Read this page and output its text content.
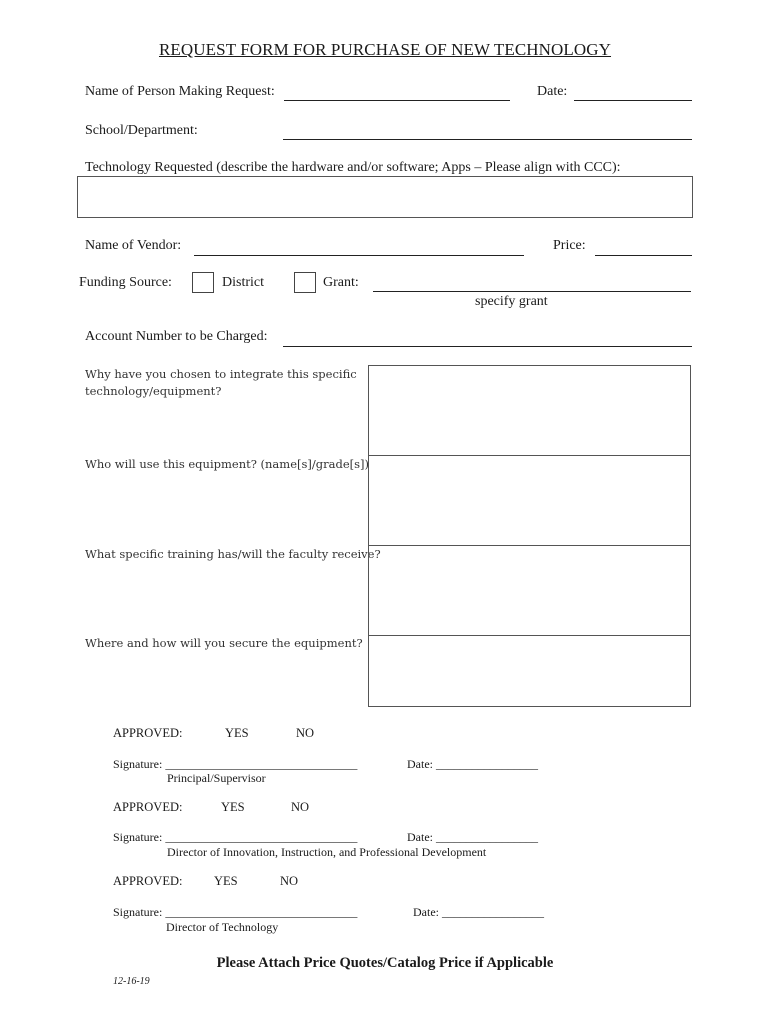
REQUEST FORM FOR PURCHASE OF NEW TECHNOLOGY
Name of Person Making Request:	Date:
School/Department:
Technology Requested (describe the hardware and/or software; Apps – Please align with CCC):
Name of Vendor:	Price:
Funding Source:	District	Grant:
specify grant
Account Number to be Charged:
Why have you chosen to integrate this specific technology/equipment?
Who will use this equipment? (name[s]/grade[s])
What specific training has/will the faculty receive?
Where and how will you secure the equipment?
APPROVED:	YES	NO
Signature: ________________________________	Date: _________________
Principal/Supervisor
APPROVED:	YES	NO
Signature: ________________________________	Date: _________________
Director of Innovation, Instruction, and Professional Development
APPROVED:	YES	NO
Signature: ________________________________	Date: _________________
Director of Technology
Please Attach Price Quotes/Catalog Price if Applicable
12-16-19
